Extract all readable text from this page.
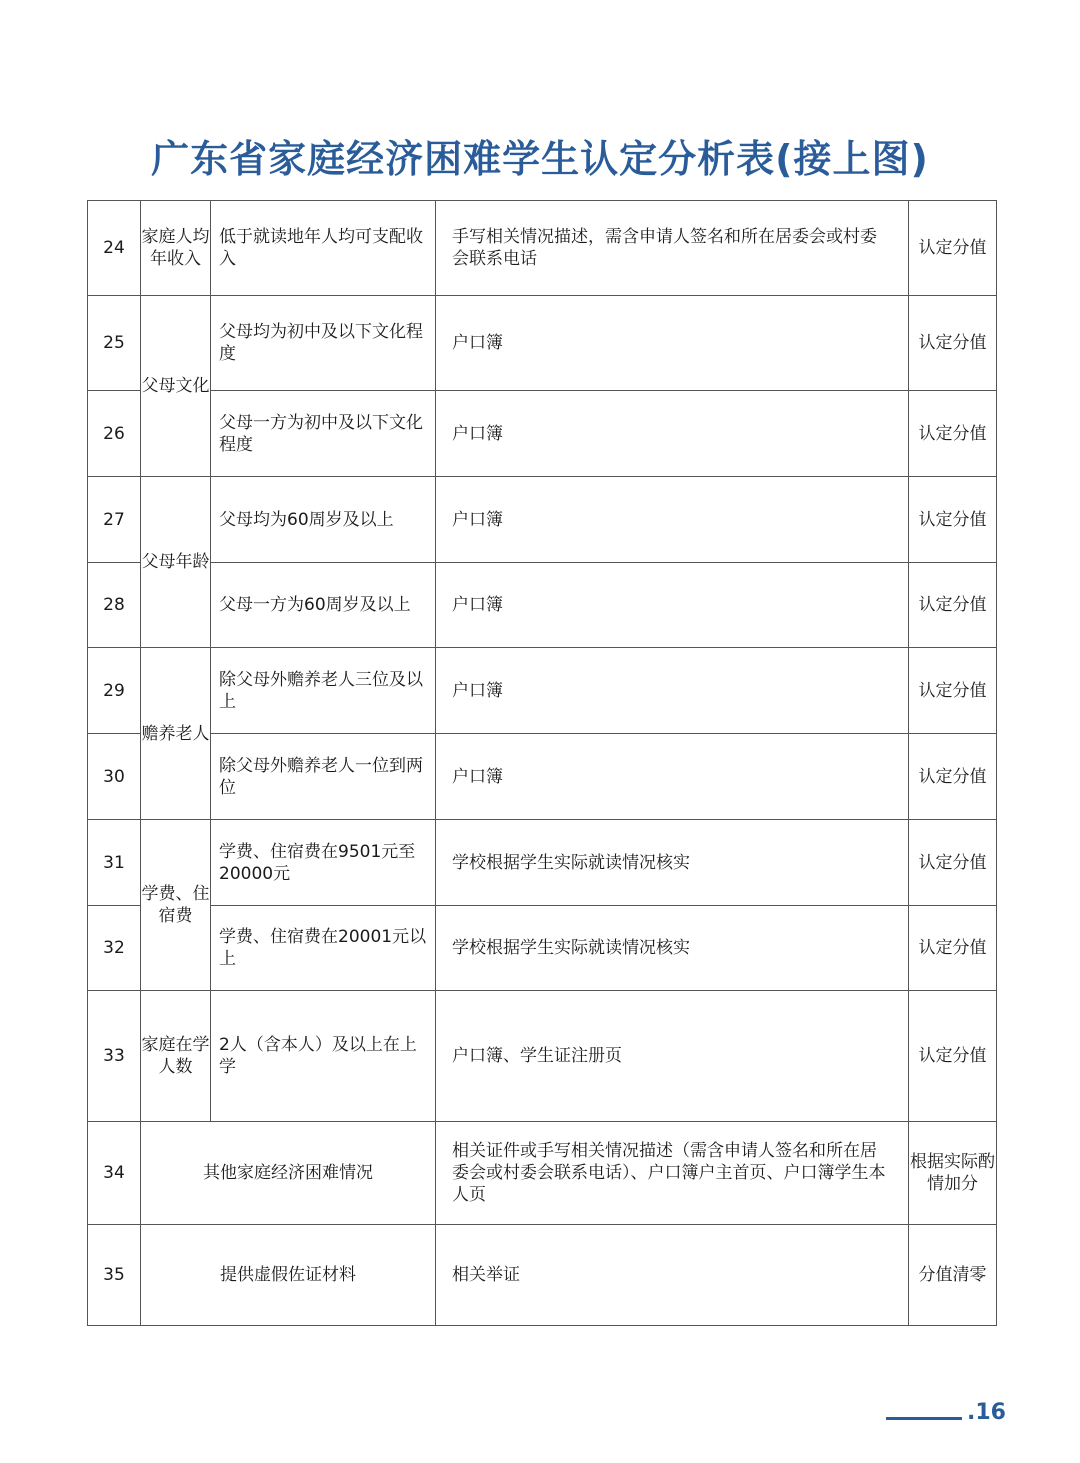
广东省家庭经济困难学生认定分析表(接上图)
24	家庭人均年收入	低于就读地年人均可支配收入	手写相关情况描述，需含申请人签名和所在居委会或村委会联系电话	认定分值
25	父母文化	父母均为初中及以下文化程度	户口簿	认定分值
26		父母一方为初中及以下文化程度	户口簿	认定分值
27	父母年龄	父母均为60周岁及以上	户口簿	认定分值
28		父母一方为60周岁及以上	户口簿	认定分值
29	赡养老人	除父母外赡养老人三位及以上	户口簿	认定分值
30		除父母外赡养老人一位到两位	户口簿	认定分值
31	学费、住宿费	学费、住宿费在9501元至20000元	学校根据学生实际就读情况核实	认定分值
32		学费、住宿费在20001元以上	学校根据学生实际就读情况核实	认定分值
33	家庭在学人数	2人（含本人）及以上在上学	户口簿、学生证注册页	认定分值
34	其他家庭经济困难情况		相关证件或手写相关情况描述（需含申请人签名和所在居委会或村委会联系电话）、户口簿户主首页、户口簿学生本人页	根据实际酌情加分
35	提供虚假佐证材料		相关举证	分值清零
.16
